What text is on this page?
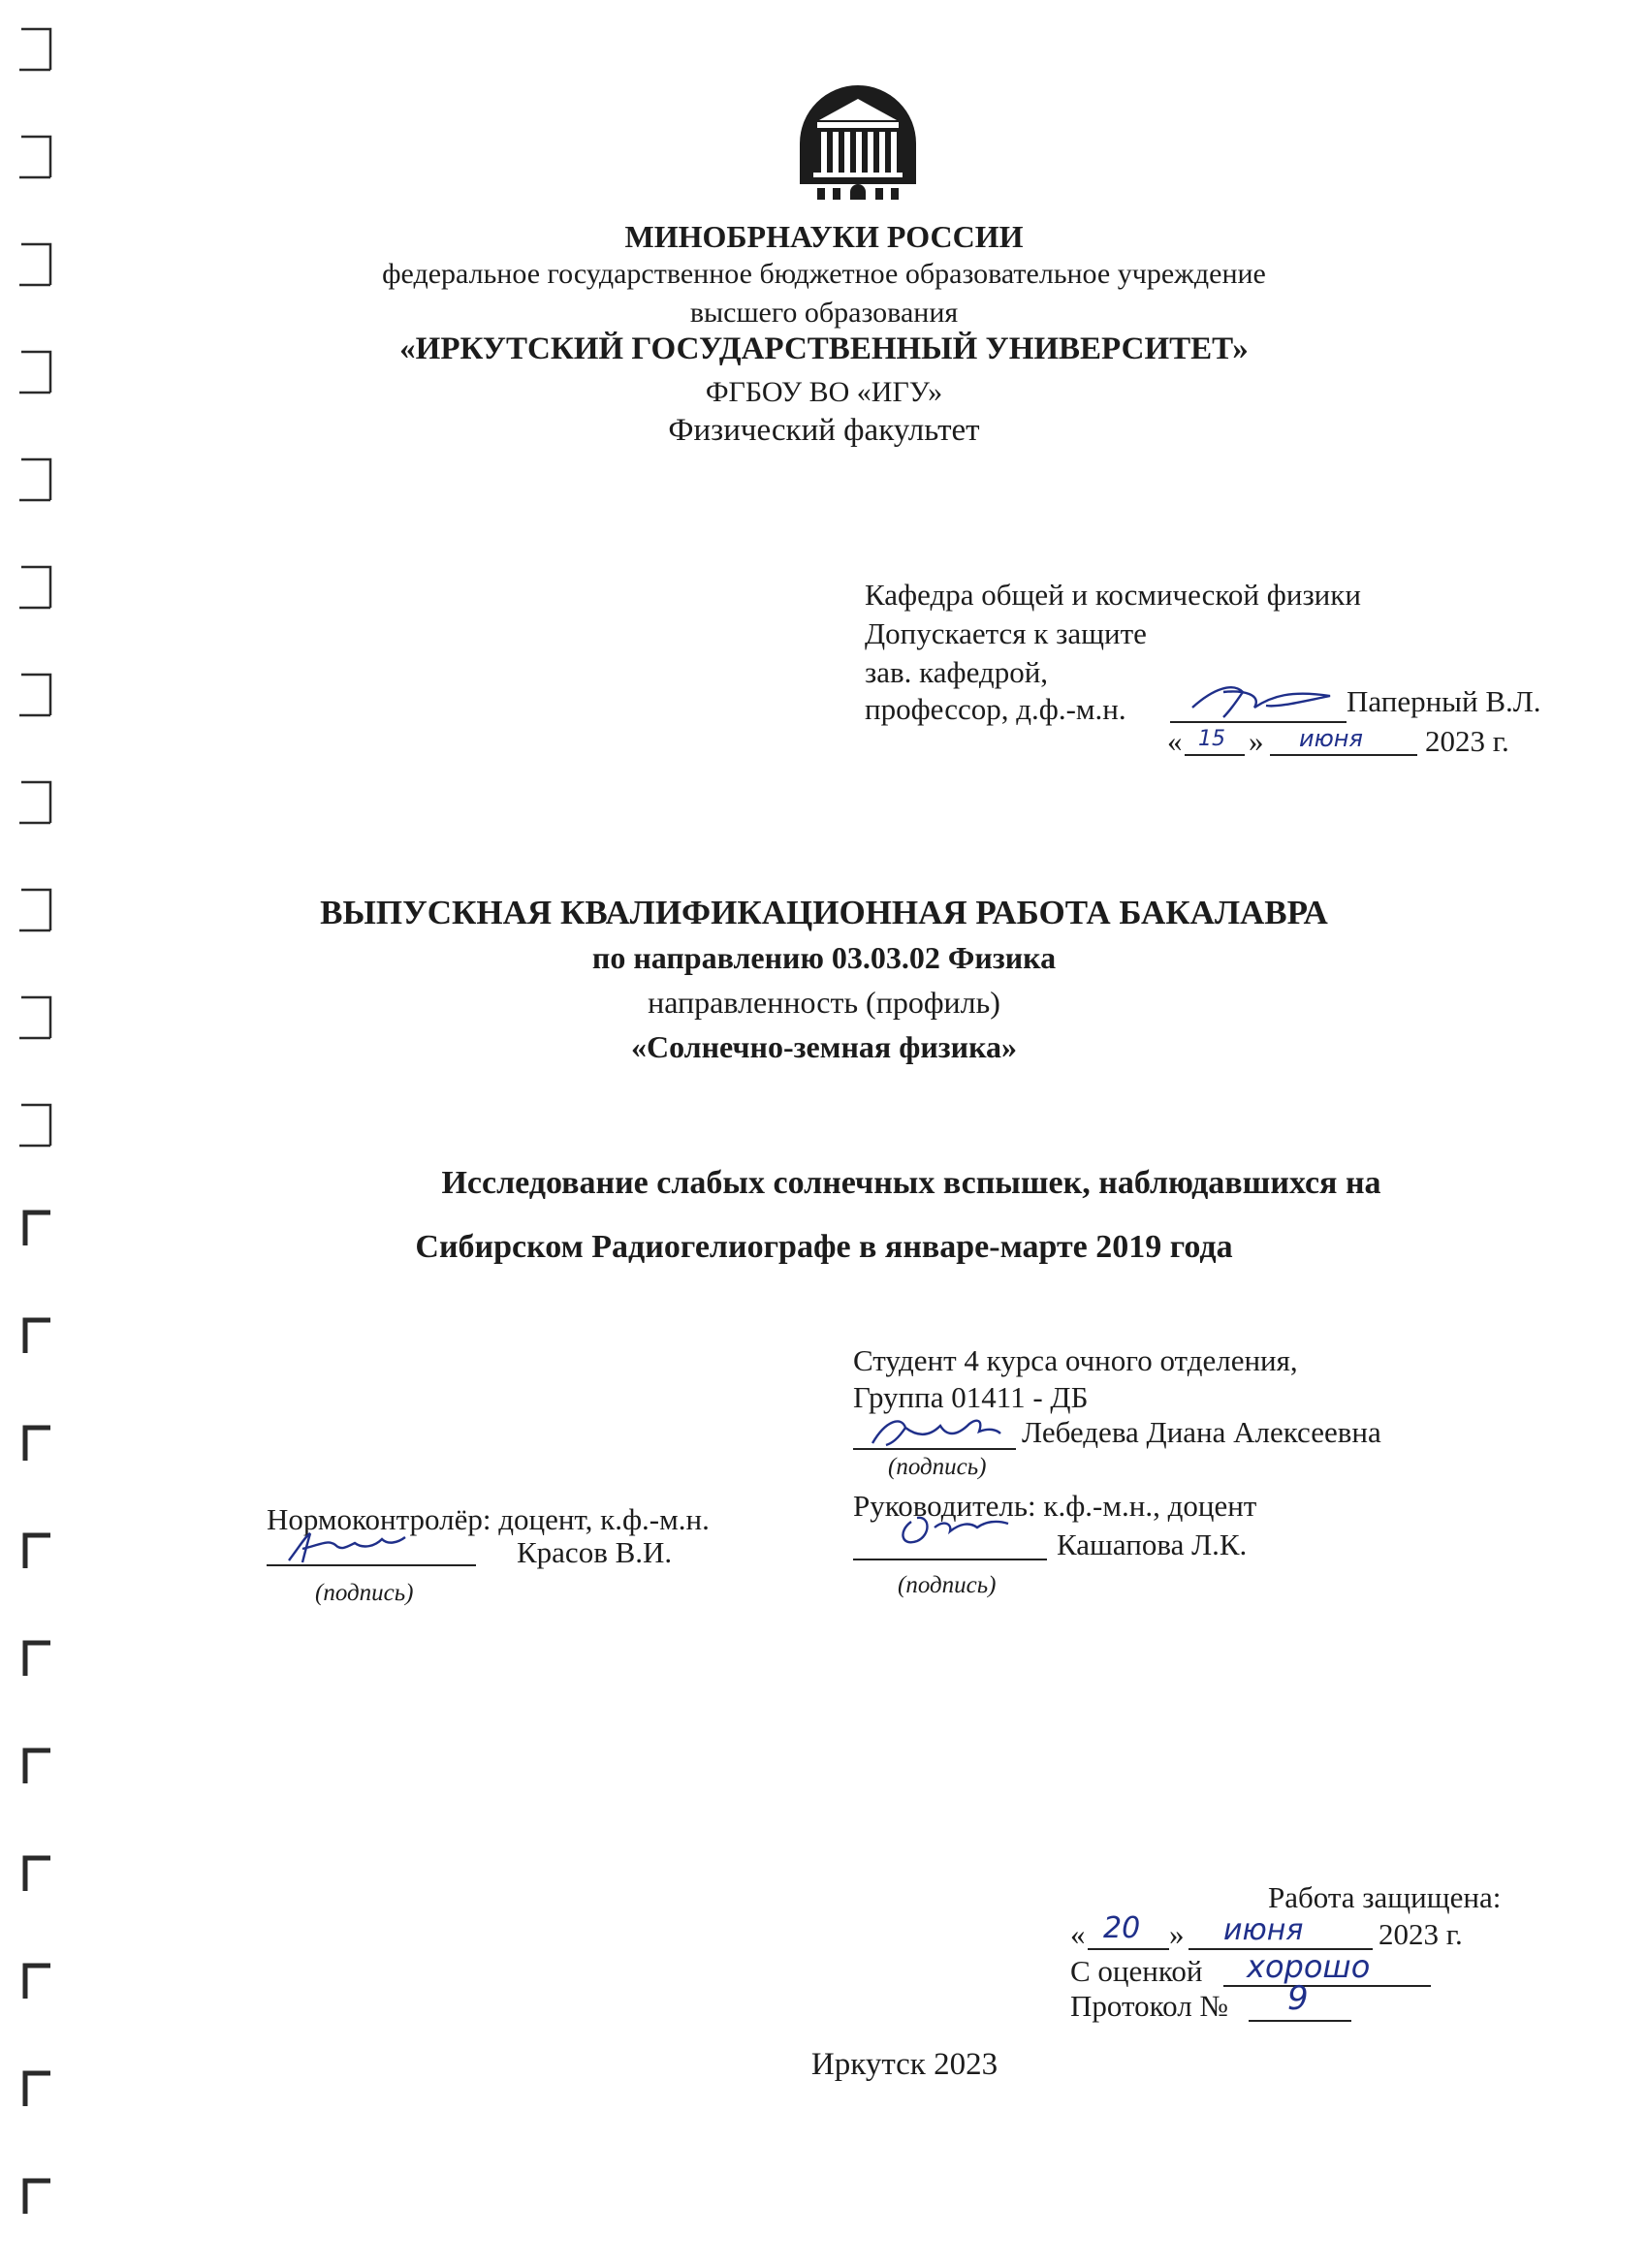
МИНОБРНАУКИ РОССИИ
федеральное государственное бюджетное образовательное учреждение
высшего образования
«ИРКУТСКИЙ ГОСУДАРСТВЕННЫЙ УНИВЕРСИТЕТ»
ФГБОУ ВО «ИГУ»
Физический факультет
Кафедра общей и космической физики
Допускается к защите
зав. кафедрой,
профессор, д.ф.-м.н.	Паперный В.Л.
« 15 » июня 2023 г.
ВЫПУСКНАЯ КВАЛИФИКАЦИОННАЯ РАБОТА БАКАЛАВРА
по направлению 03.03.02 Физика
направленность (профиль)
«Солнечно-земная физика»
Исследование слабых солнечных вспышек, наблюдавшихся на
Сибирском Радиогелиографе в январе-марте 2019 года
Студент 4 курса очного отделения,
Группа 01411 - ДБ
Лебедева Диана Алексеевна
(подпись)
Нормоконтролёр: доцент, к.ф.-м.н.
Красов В.И.
(подпись)
Руководитель: к.ф.-м.н., доцент
Кашапова Л.К.
(подпись)
Работа защищена:
« 20 » июня	2023 г.
С оценкой хорошо
Протокол № 9
Иркутск 2023
